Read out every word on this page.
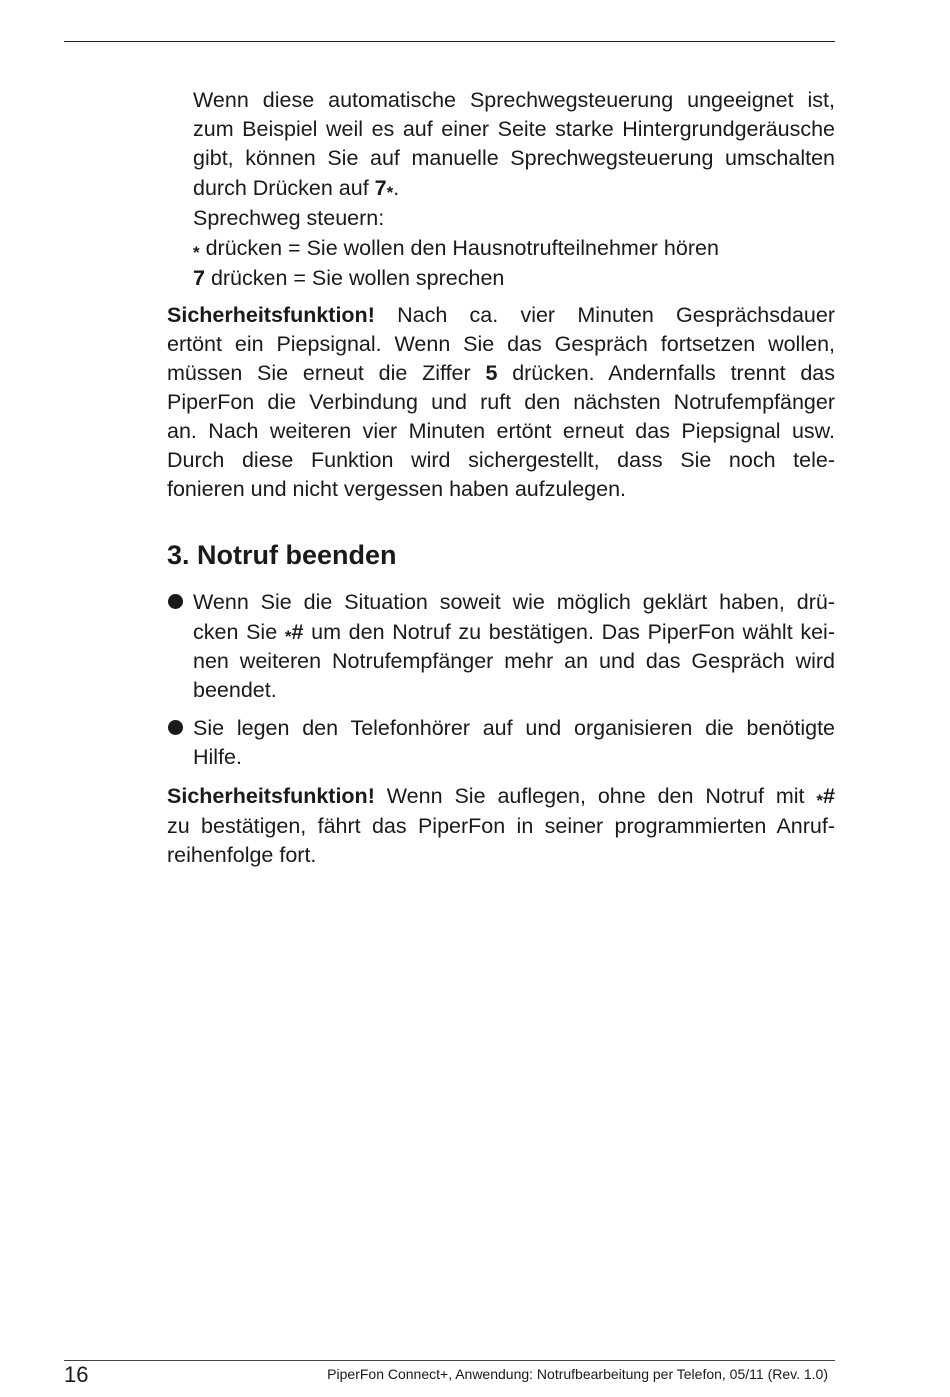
Wenn diese automatische Sprechwegsteuerung ungeeignet ist,
zum Beispiel weil es auf einer Seite starke Hintergrundgeräusche
gibt, können Sie auf manuelle Sprechwegsteuerung umschalten
durch Drücken auf 7*.
Sprechweg steuern:
* drücken = Sie wollen den Hausnotrufteilnehmer hören
7 drücken = Sie wollen sprechen
Sicherheitsfunktion! Nach ca. vier Minuten Gesprächsdauer
ertönt ein Piepsignal. Wenn Sie das Gespräch fortsetzen wollen,
müssen Sie erneut die Ziffer 5 drücken. Andernfalls trennt das
PiperFon die Verbindung und ruft den nächsten Notrufempfänger
an. Nach weiteren vier Minuten ertönt erneut das Piepsignal usw.
Durch diese Funktion wird sichergestellt, dass Sie noch tele-
fonieren und nicht vergessen haben aufzulegen.
3. Notruf beenden
Wenn Sie die Situation soweit wie möglich geklärt haben, drü-
cken Sie *# um den Notruf zu bestätigen. Das PiperFon wählt kei-
nen weiteren Notrufempfänger mehr an und das Gespräch wird
beendet.
Sie legen den Telefonhörer auf und organisieren die benötigte
Hilfe.
Sicherheitsfunktion! Wenn Sie auflegen, ohne den Notruf mit *#
zu bestätigen, fährt das PiperFon in seiner programmierten Anruf-
reihenfolge fort.
16	PiperFon Connect+, Anwendung: Notrufbearbeitung per Telefon, 05/11 (Rev. 1.0)
